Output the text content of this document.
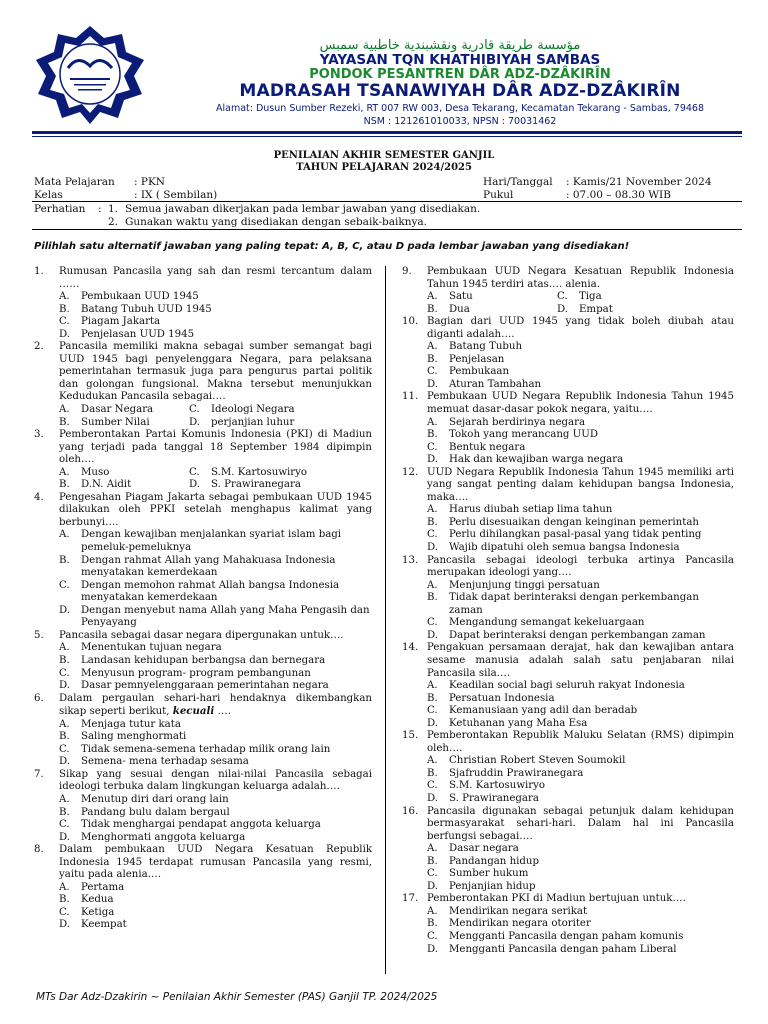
مؤسسة طريقة قادرية ونقشبندية خاطبية سمبس
YAYASAN TQN KHATHIBIYAH SAMBAS
PONDOK PESANTREN DÂR ADZ-DZÂKIRÎN
MADRASAH TSANAWIYAH DÂR ADZ-DZÂKIRÎN
Alamat: Dusun Sumber Rezeki, RT 007 RW 003, Desa Tekarang, Kecamatan Tekarang - Sambas, 79468
NSM : 121261010033, NPSN : 70031462
PENILAIAN AKHIR SEMESTER GANJIL
TAHUN PELAJARAN 2024/2025
Mata Pelajaran : PKN
Kelas	: IX ( Sembilan)
Hari/Tanggal : Kamis/21 November 2024
Pukul	: 07.00 – 08.30 WIB
Perhatian : 1. Semua jawaban dikerjakan pada lembar jawaban yang disediakan.
2. Gunakan waktu yang disediakan dengan sebaik-baiknya.
Pilihlah satu alternatif jawaban yang paling tepat: A, B, C, atau D pada lembar jawaban yang disediakan!
1.	Rumusan Pancasila yang sah dan resmi tercantum dalam ……
A.	Pembukaan UUD 1945
B.	Batang Tubuh UUD 1945
C.	Piagam Jakarta
D.	Penjelasan UUD 1945
2.	Pancasila memiliki makna sebagai sumber semangat bagi UUD 1945 bagi penyelenggara Negara, para pelaksana pemerintahan termasuk juga para pengurus partai politik dan golongan fungsional. Makna tersebut menunjukkan Kedudukan Pancasila sebagai….
A.	Dasar Negara	C.	Ideologi Negara
B.	Sumber Nilai	D.	perjanjian luhur
3.	Pemberontakan Partai Komunis Indonesia (PKI) di Madiun yang terjadi pada tanggal 18 September 1984 dipimpin oleh….
A.	Muso	C.	S.M. Kartosuwiryo
B.	D.N. Aidit	D.	S. Prawiranegara
4.	Pengesahan Piagam Jakarta sebagai pembukaan UUD 1945 dilakukan oleh PPKI setelah menghapus kalimat yang berbunyi….
A.	Dengan kewajiban menjalankan syariat islam bagi pemeluk-pemeluknya
B.	Dengan rahmat Allah yang Mahakuasa Indonesia menyatakan kemerdekaan
C.	Dengan memohon rahmat Allah bangsa Indonesia menyatakan kemerdekaan
D.	Dengan menyebut nama Allah yang Maha Pengasih dan Penyayang
5.	Pancasila sebagai dasar negara dipergunakan untuk….
A.	Menentukan tujuan negara
B.	Landasan kehidupan berbangsa dan bernegara
C.	Menyusun program- program pembangunan
D.	Dasar pemnyelenggaraan pemerintahan negara
6.	Dalam pergaulan sehari-hari hendaknya dikembangkan sikap seperti berikut, kecuali ….
A.	Menjaga tutur kata
B.	Saling menghormati
C.	Tidak semena-semena terhadap milik orang lain
D.	Semena- mena terhadap sesama
7.	Sikap yang sesuai dengan nilai-nilai Pancasila sebagai ideologi terbuka dalam lingkungan keluarga adalah….
A.	Menutup diri dari orang lain
B.	Pandang bulu dalam bergaul
C.	Tidak menghargai pendapat anggota keluarga
D.	Menghormati anggota keluarga
8.	Dalam pembukaan UUD Negara Kesatuan Republik Indonesia 1945 terdapat rumusan Pancasila yang resmi, yaitu pada alenia….
A.	Pertama
B.	Kedua
C.	Ketiga
D.	Keempat
9.	Pembukaan UUD Negara Kesatuan Republik Indonesia Tahun 1945 terdiri atas…. alenia.
A.	Satu	C.	Tiga
B.	Dua	D.	Empat
10. Bagian dari UUD 1945 yang tidak boleh diubah atau diganti adalah….
A.	Batang Tubuh
B.	Penjelasan
C.	Pembukaan
D.	Aturan Tambahan
11. Pembukaan UUD Negara Republik Indonesia Tahun 1945 memuat dasar-dasar pokok negara, yaitu….
A.	Sejarah berdirinya negara
B.	Tokoh yang merancang UUD
C.	Bentuk negara
D.	Hak dan kewajiban warga negara
12. UUD Negara Republik Indonesia Tahun 1945 memiliki arti yang sangat penting dalam kehidupan bangsa Indonesia, maka….
A.	Harus diubah setiap lima tahun
B.	Perlu disesuaikan dengan keinginan pemerintah
C.	Perlu dihilangkan pasal-pasal yang tidak penting
D.	Wajib dipatuhi oleh semua bangsa Indonesia
13. Pancasila sebagai ideologi terbuka artinya Pancasila merupakan ideologi yang….
A.	Menjunjung tinggi persatuan
B.	Tidak dapat berinteraksi dengan perkembangan zaman
C.	Mengandung semangat kekeluargaan
D.	Dapat berinteraksi dengan perkembangan zaman
14. Pengakuan persamaan derajat, hak dan kewajiban antara sesame manusia adalah salah satu penjabaran nilai Pancasila sila….
A.	Keadilan social bagi seluruh rakyat Indonesia
B.	Persatuan Indonesia
C.	Kemanusiaan yang adil dan beradab
D.	Ketuhanan yang Maha Esa
15. Pemberontakan Republik Maluku Selatan (RMS) dipimpin oleh….
A.	Christian Robert Steven Soumokil
B.	Sjafruddin Prawiranegara
C.	S.M. Kartosuwiryo
D.	S. Prawiranegara
16. Pancasila digunakan sebagai petunjuk dalam kehidupan bermasyarakat sehari-hari. Dalam hal ini Pancasila berfungsi sebagai….
A.	Dasar negara
B.	Pandangan hidup
C.	Sumber hukum
D.	Penjanjian hidup
17. Pemberontakan PKI di Madiun bertujuan untuk….
A.	Mendirikan negara serikat
B.	Mendirikan negara otoriter
C.	Mengganti Pancasila dengan paham komunis
D.	Mengganti Pancasila dengan paham Liberal
MTs Dar Adz-Dzakirin ~ Penilaian Akhir Semester (PAS) Ganjil TP. 2024/2025
